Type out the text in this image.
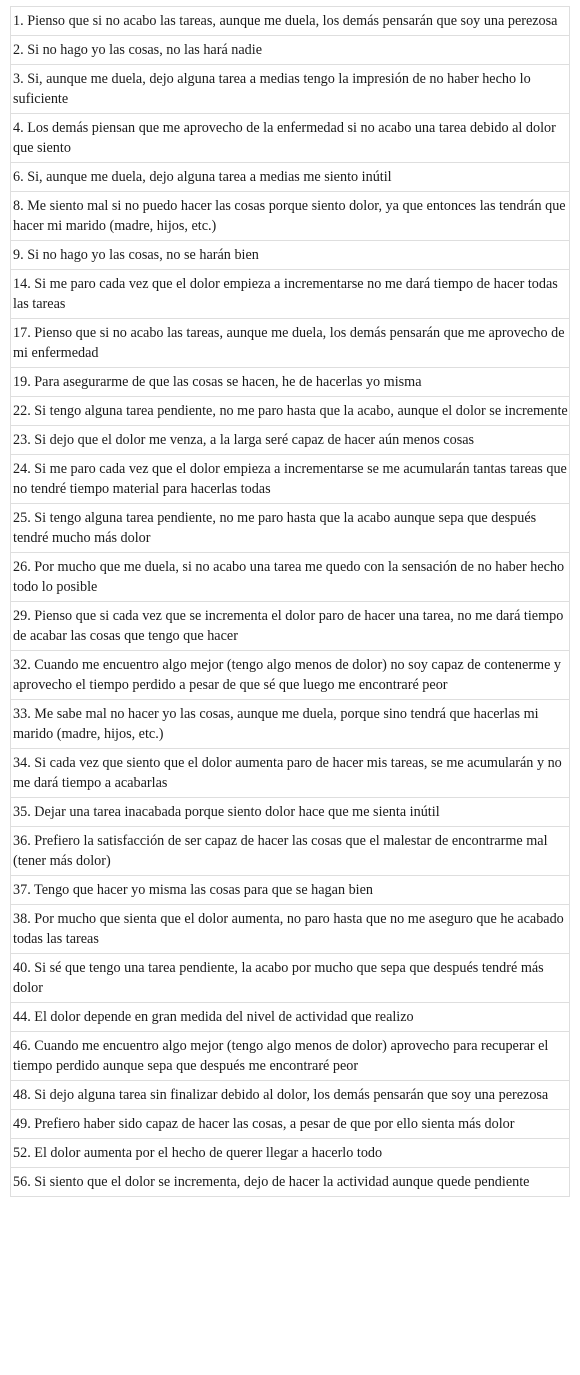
1. Pienso que si no acabo las tareas, aunque me duela, los demás pensarán que soy una perezosa
2. Si no hago yo las cosas, no las hará nadie
3. Si, aunque me duela, dejo alguna tarea a medias tengo la impresión de no haber hecho lo suficiente
4. Los demás piensan que me aprovecho de la enfermedad si no acabo una tarea debido al dolor que siento
6. Si, aunque me duela, dejo alguna tarea a medias me siento inútil
8. Me siento mal si no puedo hacer las cosas porque siento dolor, ya que entonces las tendrán que hacer mi marido (madre, hijos, etc.)
9. Si no hago yo las cosas, no se harán bien
14. Si me paro cada vez que el dolor empieza a incrementarse no me dará tiempo de hacer todas las tareas
17. Pienso que si no acabo las tareas, aunque me duela, los demás pensarán que me aprovecho de mi enfermedad
19. Para asegurarme de que las cosas se hacen, he de hacerlas yo misma
22. Si tengo alguna tarea pendiente, no me paro hasta que la acabo, aunque el dolor se incremente
23. Si dejo que el dolor me venza, a la larga seré capaz de hacer aún menos cosas
24. Si me paro cada vez que el dolor empieza a incrementarse se me acumularán tantas tareas que no tendré tiempo material para hacerlas todas
25. Si tengo alguna tarea pendiente, no me paro hasta que la acabo aunque sepa que después tendré mucho más dolor
26. Por mucho que me duela, si no acabo una tarea me quedo con la sensación de no haber hecho todo lo posible
29. Pienso que si cada vez que se incrementa el dolor paro de hacer una tarea, no me dará tiempo de acabar las cosas que tengo que hacer
32. Cuando me encuentro algo mejor (tengo algo menos de dolor) no soy capaz de contenerme y aprovecho el tiempo perdido a pesar de que sé que luego me encontraré peor
33. Me sabe mal no hacer yo las cosas, aunque me duela, porque sino tendrá que hacerlas mi marido (madre, hijos, etc.)
34. Si cada vez que siento que el dolor aumenta paro de hacer mis tareas, se me acumularán y no me dará tiempo a acabarlas
35. Dejar una tarea inacabada porque siento dolor hace que me sienta inútil
36. Prefiero la satisfacción de ser capaz de hacer las cosas que el malestar de encontrarme mal (tener más dolor)
37. Tengo que hacer yo misma las cosas para que se hagan bien
38. Por mucho que sienta que el dolor aumenta, no paro hasta que no me aseguro que he acabado todas las tareas
40. Si sé que tengo una tarea pendiente, la acabo por mucho que sepa que después tendré más dolor
44. El dolor depende en gran medida del nivel de actividad que realizo
46. Cuando me encuentro algo mejor (tengo algo menos de dolor) aprovecho para recuperar el tiempo perdido aunque sepa que después me encontraré peor
48. Si dejo alguna tarea sin finalizar debido al dolor, los demás pensarán que soy una perezosa
49. Prefiero haber sido capaz de hacer las cosas, a pesar de que por ello sienta más dolor
52. El dolor aumenta por el hecho de querer llegar a hacerlo todo
56. Si siento que el dolor se incrementa, dejo de hacer la actividad aunque quede pendiente
